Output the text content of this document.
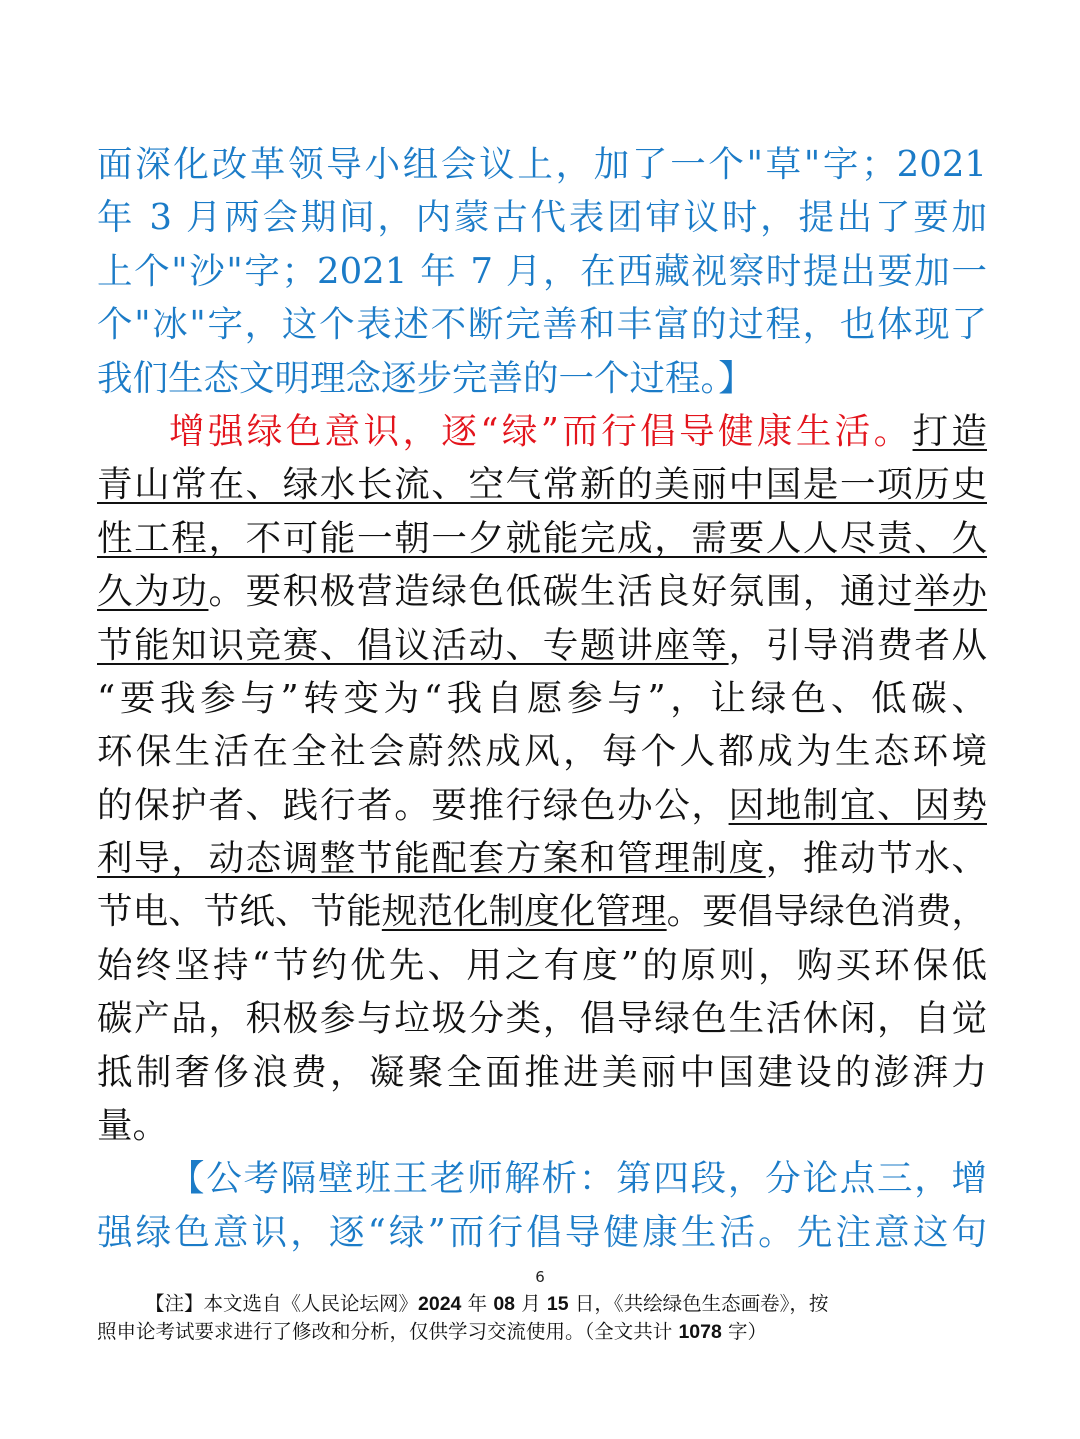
面深化改革领导小组会议上，加了一个"草"字；2021
年 3 月两会期间，内蒙古代表团审议时，提出了要加
上个"沙"字；2021 年 7 月，在西藏视察时提出要加一
个"冰"字，这个表述不断完善和丰富的过程，也体现了
我们生态文明理念逐步完善的一个过程。】
增强绿色意识，逐“绿”而行倡导健康生活。打造
青山常在、绿水长流、空气常新的美丽中国是一项历史
性工程，不可能一朝一夕就能完成，需要人人尽责、久
久为功。要积极营造绿色低碳生活良好氛围，通过举办
节能知识竞赛、倡议活动、专题讲座等，引导消费者从
“要我参与”转变为“我自愿参与”，让绿色、低碳、
环保生活在全社会蔚然成风，每个人都成为生态环境
的保护者、践行者。要推行绿色办公，因地制宜、因势
利导，动态调整节能配套方案和管理制度，推动节水、
节电、节纸、节能规范化制度化管理。要倡导绿色消费，
始终坚持“节约优先、用之有度”的原则，购买环保低
碳产品，积极参与垃圾分类，倡导绿色生活休闲，自觉
抵制奢侈浪费，凝聚全面推进美丽中国建设的澎湃力
量。
【公考隔壁班王老师解析：第四段，分论点三，增
强绿色意识，逐“绿”而行倡导健康生活。先注意这句
6
【注】本文选自《人民论坛网》2024 年 08 月 15 日，《共绘绿色生态画卷》，按
照申论考试要求进行了修改和分析，仅供学习交流使用。（全文共计 1078 字）
